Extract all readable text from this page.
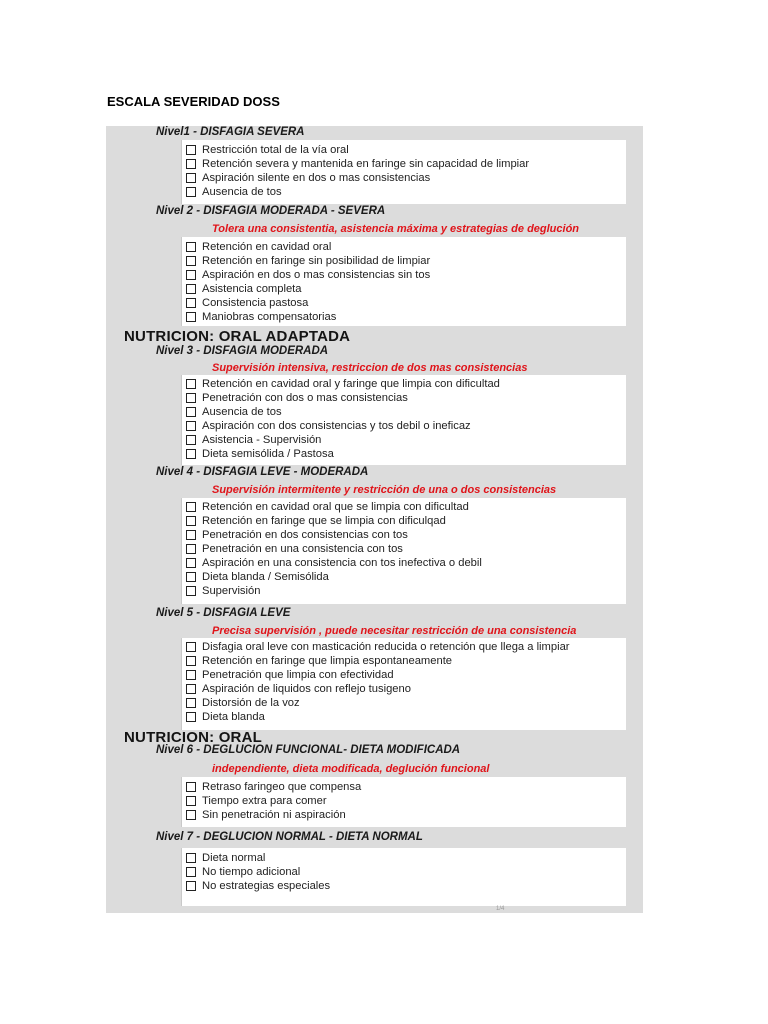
ESCALA SEVERIDAD DOSS
Nivel1 - DISFAGIA SEVERA
Restricción total de la vía oral
Retención severa y mantenida en faringe sin capacidad de limpiar
Aspiración silente en dos o mas consistencias
Ausencia de tos
Nivel 2 - DISFAGIA MODERADA - SEVERA
Tolera una consistentia, asistencia máxima y estrategias de deglución
Retención en cavidad oral
Retención en faringe sin posibilidad de limpiar
Aspiración en dos o mas consistencias sin tos
Asistencia completa
Consistencia pastosa
Maniobras compensatorias
NUTRICION: ORAL ADAPTADA
Nivel 3 - DISFAGIA MODERADA
Supervisión intensiva, restriccion de dos mas consistencias
Retención en cavidad oral y faringe que limpia con dificultad
Penetración con dos o mas consistencias
Ausencia de tos
Aspiración con dos consistencias y tos debil o ineficaz
Asistencia - Supervisión
Dieta semisólida / Pastosa
Nivel 4 - DISFAGIA LEVE - MODERADA
Supervisión intermitente y restricción de una o dos consistencias
Retención en cavidad oral que se limpia con dificultad
Retención en faringe que se limpia con dificulqad
Penetración en dos consistencias con tos
Penetración en una consistencia con tos
Aspiración en una consistencia con tos inefectiva o debil
Dieta blanda / Semisólida
Supervisión
Nivel 5 - DISFAGIA LEVE
Precisa supervisión , puede necesitar restricción de una consistencia
Disfagia oral leve con masticación reducida o retención que llega a limpiar
Retención en faringe que limpia espontaneamente
Penetración que limpia con efectividad
Aspiración de liquidos con reflejo tusigeno
Distorsión de la voz
Dieta blanda
NUTRICION: ORAL
Nivel 6 - DEGLUCION FUNCIONAL- DIETA MODIFICADA
independiente, dieta modificada, deglución funcional
Retraso faringeo que compensa
Tiempo extra para comer
Sin penetración ni aspiración
Nivel 7 - DEGLUCION NORMAL - DIETA NORMAL
Dieta normal
No tiempo adicional
No estrategias especiales
1/4
